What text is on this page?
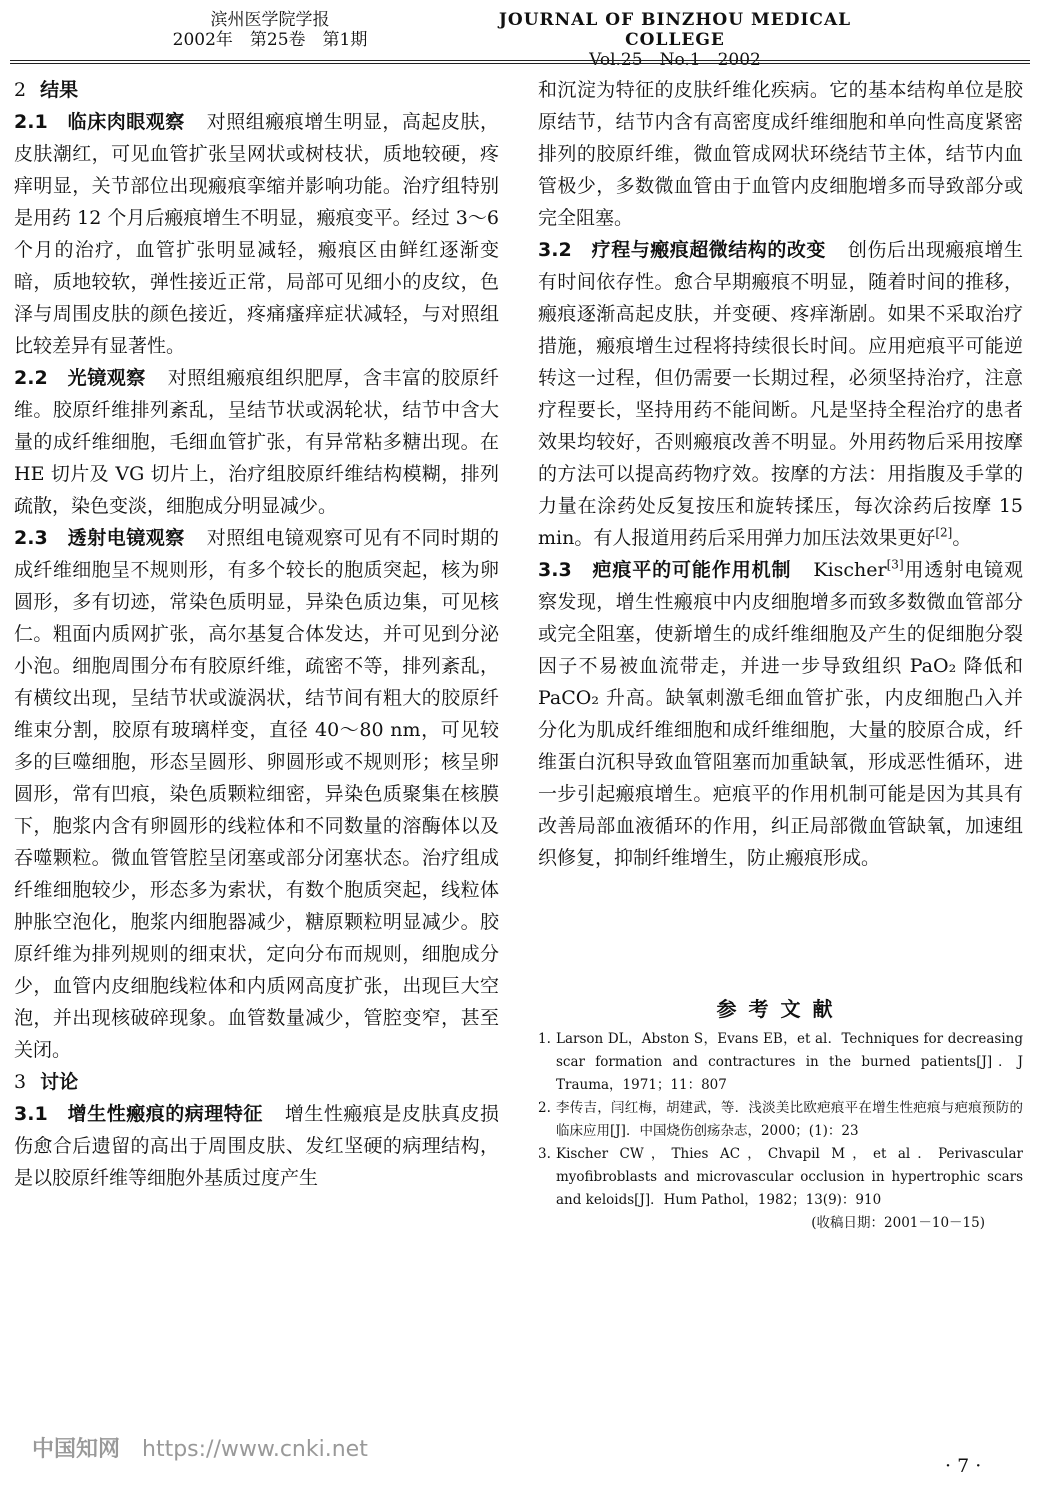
滨州医学院学报
2002年　第25卷　第1期
JOURNAL OF BINZHOU MEDICAL COLLEGE
Vol.25　No.1　2002

2 结果

2.1　临床肉眼观察 对照组瘢痕增生明显，高起皮肤，皮肤潮红，可见血管扩张呈网状或树枝状，质地较硬，疼痒明显，关节部位出现瘢痕挛缩并影响功能。治疗组特别是用药 12 个月后瘢痕增生不明显，瘢痕变平。经过 3～6 个月的治疗，血管扩张明显减轻，瘢痕区由鲜红逐渐变暗，质地较软，弹性接近正常，局部可见细小的皮纹，色泽与周围皮肤的颜色接近，疼痛瘙痒症状减轻，与对照组比较差异有显著性。

2.2　光镜观察 对照组瘢痕组织肥厚，含丰富的胶原纤维。胶原纤维排列紊乱，呈结节状或涡轮状，结节中含大量的成纤维细胞，毛细血管扩张，有异常粘多糖出现。在 HE 切片及 VG 切片上，治疗组胶原纤维结构模糊，排列疏散，染色变淡，细胞成分明显减少。

2.3　透射电镜观察 对照组电镜观察可见有不同时期的成纤维细胞呈不规则形，有多个较长的胞质突起，核为卵圆形，多有切迹，常染色质明显，异染色质边集，可见核仁。粗面内质网扩张，高尔基复合体发达，并可见到分泌小泡。细胞周围分布有胶原纤维，疏密不等，排列紊乱，有横纹出现，呈结节状或漩涡状，结节间有粗大的胶原纤维束分割，胶原有玻璃样变，直径 40～80 nm，可见较多的巨噬细胞，形态呈圆形、卵圆形或不规则形；核呈卵圆形，常有凹痕，染色质颗粒细密，异染色质聚集在核膜下，胞浆内含有卵圆形的线粒体和不同数量的溶酶体以及吞噬颗粒。微血管管腔呈闭塞或部分闭塞状态。治疗组成纤维细胞较少，形态多为索状，有数个胞质突起，线粒体肿胀空泡化，胞浆内细胞器减少，糖原颗粒明显减少。胶原纤维为排列规则的细束状，定向分布而规则，细胞成分少，血管内皮细胞线粒体和内质网高度扩张，出现巨大空泡，并出现核破碎现象。血管数量减少，管腔变窄，甚至关闭。

3 讨论

3.1　增生性瘢痕的病理特征 增生性瘢痕是皮肤真皮损伤愈合后遗留的高出于周围皮肤、发红坚硬的病理结构，是以胶原纤维等细胞外基质过度产生

和沉淀为特征的皮肤纤维化疾病。它的基本结构单位是胶原结节，结节内含有高密度成纤维细胞和单向性高度紧密排列的胶原纤维，微血管成网状环绕结节主体，结节内血管极少，多数微血管由于血管内皮细胞增多而导致部分或完全阻塞。

3.2　疗程与瘢痕超微结构的改变 创伤后出现瘢痕增生有时间依存性。愈合早期瘢痕不明显，随着时间的推移，瘢痕逐渐高起皮肤，并变硬、疼痒渐剧。如果不采取治疗措施，瘢痕增生过程将持续很长时间。应用疤痕平可能逆转这一过程，但仍需要一长期过程，必须坚持治疗，注意疗程要长，坚持用药不能间断。凡是坚持全程治疗的患者效果均较好，否则瘢痕改善不明显。外用药物后采用按摩的方法可以提高药物疗效。按摩的方法：用指腹及手掌的力量在涂药处反复按压和旋转揉压，每次涂药后按摩 15 min。有人报道用药后采用弹力加压法效果更好[2]。

3.3　疤痕平的可能作用机制 Kischer[3]用透射电镜观察发现，增生性瘢痕中内皮细胞增多而致多数微血管部分或完全阻塞，使新增生的成纤维细胞及产生的促细胞分裂因子不易被血流带走，并进一步导致组织 PaO₂ 降低和 PaCO₂ 升高。缺氧刺激毛细血管扩张，内皮细胞凸入并分化为肌成纤维细胞和成纤维细胞，大量的胶原合成，纤维蛋白沉积导致血管阻塞而加重缺氧，形成恶性循环，进一步引起瘢痕增生。疤痕平的作用机制可能是因为其具有改善局部血液循环的作用，纠正局部微血管缺氧，加速组织修复，抑制纤维增生，防止瘢痕形成。

参考文献
1. Larson DL，Abston S，Evans EB，et al．Techniques for decreasing scar formation and contractures in the burned patients[J]．J Trauma，1971；11：807
2. 李传吉，闫红梅，胡建武，等．浅淡美比欧疤痕平在增生性疤痕与疤痕预防的临床应用[J]．中国烧伤创疡杂志，2000；(1)：23
3. Kischer CW，Thies AC，Chvapil M，et al．Perivascular myofibroblasts and microvascular occlusion in hypertrophic scars and keloids[J]．Hum Pathol，1982；13(9)：910
(收稿日期：2001－10－15)
中国知网 https://www.cnki.net
· 7 ·
